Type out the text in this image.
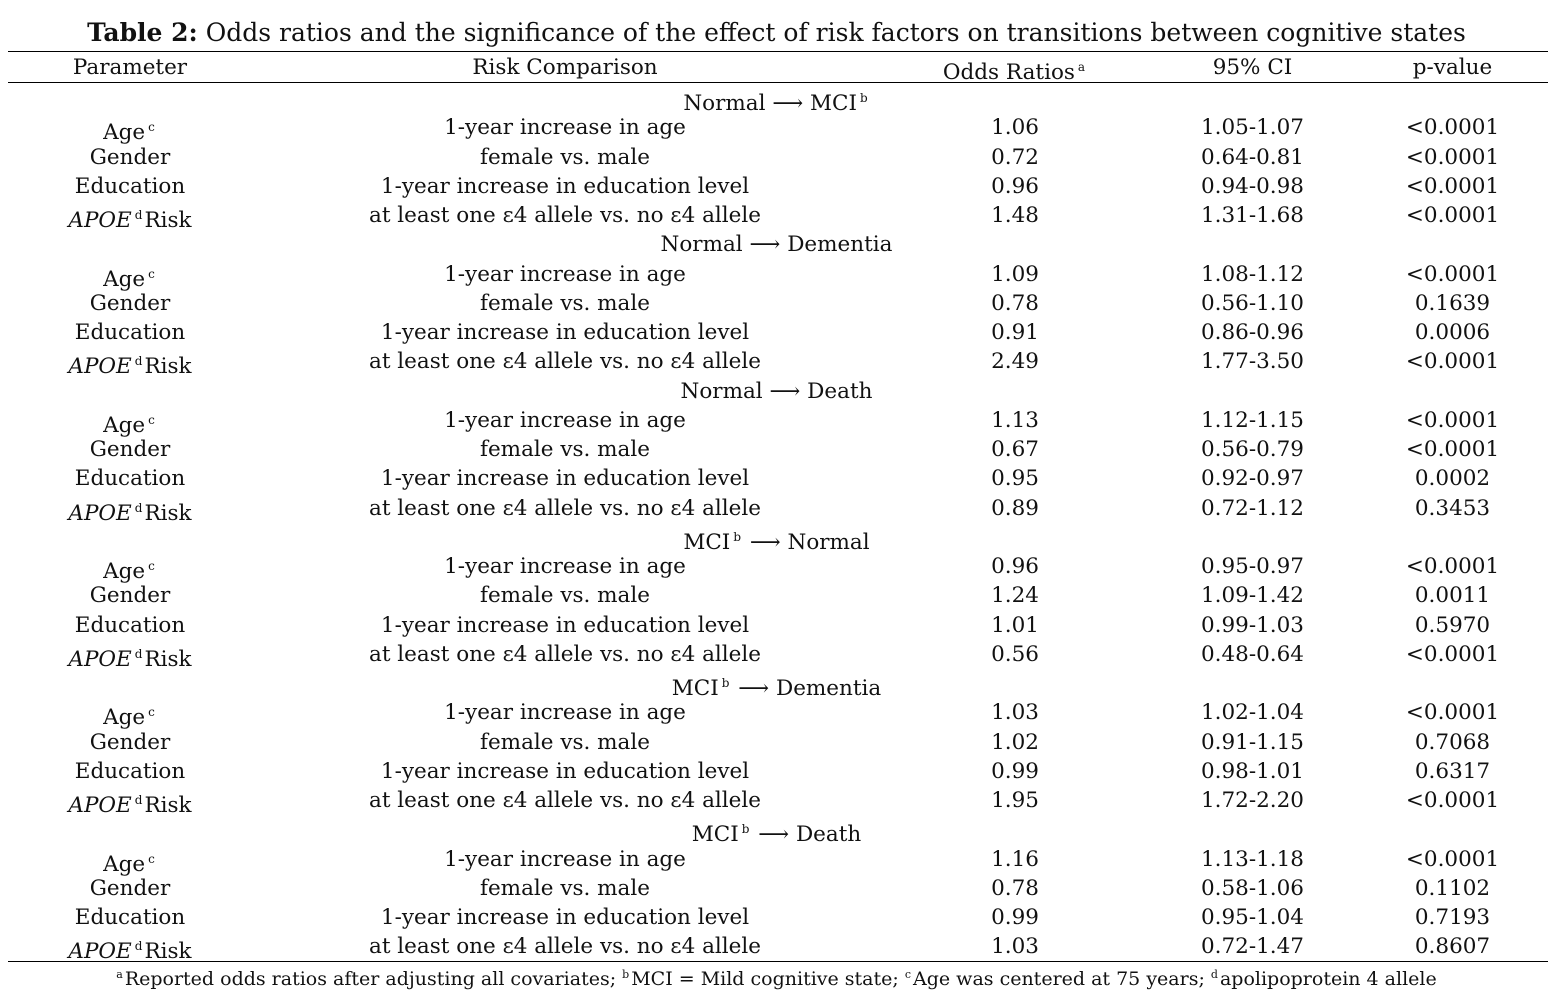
Table 2: Odds ratios and the significance of the effect of risk factors on transitions between cognitive states
Parameter	Risk Comparison	Odds Ratios $^a$	95% CI	p-value
Normal ⟶ MCI $^b$
Age $^c$	1-year increase in age	1.06	1.05-1.07	<0.0001
Gender	female vs. male	0.72	0.64-0.81	<0.0001
Education	1-year increase in education level	0.96	0.94-0.98	<0.0001
APOE $^d$Risk	at least one ε4 allele vs. no ε4 allele	1.48	1.31-1.68	<0.0001
Normal ⟶ Dementia
Age $^c$	1-year increase in age	1.09	1.08-1.12	<0.0001
Gender	female vs. male	0.78	0.56-1.10	0.1639
Education	1-year increase in education level	0.91	0.86-0.96	0.0006
APOE $^d$Risk	at least one ε4 allele vs. no ε4 allele	2.49	1.77-3.50	<0.0001
Normal ⟶ Death
Age $^c$	1-year increase in age	1.13	1.12-1.15	<0.0001
Gender	female vs. male	0.67	0.56-0.79	<0.0001
Education	1-year increase in education level	0.95	0.92-0.97	0.0002
APOE $^d$Risk	at least one ε4 allele vs. no ε4 allele	0.89	0.72-1.12	0.3453
MCI $^b$ ⟶ Normal
Age $^c$	1-year increase in age	0.96	0.95-0.97	<0.0001
Gender	female vs. male	1.24	1.09-1.42	0.0011
Education	1-year increase in education level	1.01	0.99-1.03	0.5970
APOE $^d$Risk	at least one ε4 allele vs. no ε4 allele	0.56	0.48-0.64	<0.0001
MCI $^b$ ⟶ Dementia
Age $^c$	1-year increase in age	1.03	1.02-1.04	<0.0001
Gender	female vs. male	1.02	0.91-1.15	0.7068
Education	1-year increase in education level	0.99	0.98-1.01	0.6317
APOE $^d$Risk	at least one ε4 allele vs. no ε4 allele	1.95	1.72-2.20	<0.0001
MCI $^b$ ⟶ Death
Age $^c$	1-year increase in age	1.16	1.13-1.18	<0.0001
Gender	female vs. male	0.78	0.58-1.06	0.1102
Education	1-year increase in education level	0.99	0.95-1.04	0.7193
APOE $^d$Risk	at least one ε4 allele vs. no ε4 allele	1.03	0.72-1.47	0.8607
$^a$ Reported odds ratios after adjusting all covariates; $^b$ MCI = Mild cognitive state; $^c$ Age was centered at 75 years; $^d$ apolipoprotein 4 allele
